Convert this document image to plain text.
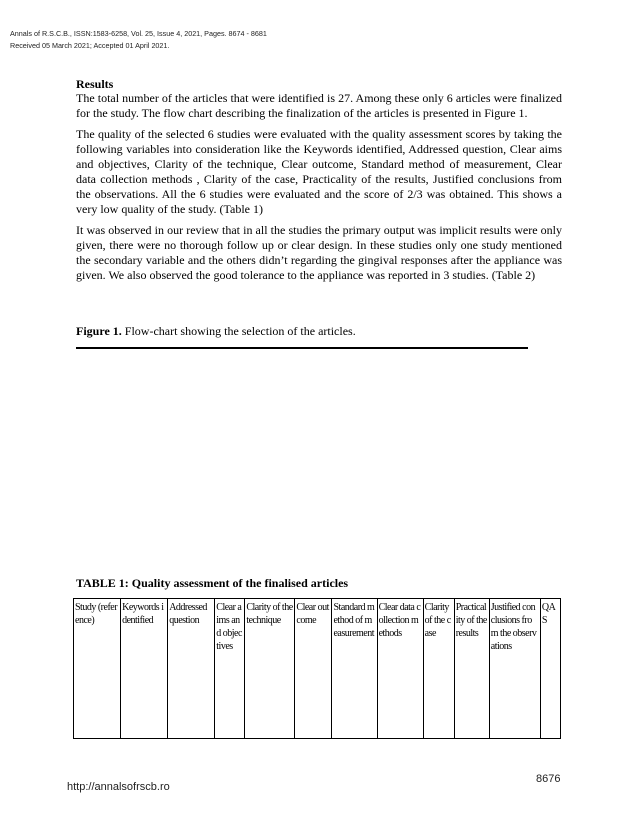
Annals of R.S.C.B., ISSN:1583-6258, Vol. 25, Issue 4, 2021, Pages. 8674 - 8681
Received 05 March 2021; Accepted 01 April 2021.
Results

The total number of the articles that were identified is 27. Among these only 6 articles were finalized for the study. The flow chart describing the finalization of the articles is presented in Figure 1.

The quality of the selected 6 studies were evaluated with the quality assessment scores by taking the following variables into consideration like the Keywords identified, Addressed question, Clear aims and objectives, Clarity of the technique, Clear outcome, Standard method of measurement, Clear data collection methods , Clarity of the case, Practicality of the results, Justified conclusions from the observations. All the 6 studies were evaluated and the score of 2/3 was obtained. This shows a very low quality of the study. (Table 1)

It was observed in our review that in all the studies the primary output was implicit results were only given, there were no thorough follow up or clear design. In these studies only one study mentioned the secondary variable and the others didn’t regarding the gingival responses after the appliance was given. We also observed the good tolerance to the appliance was reported in 3 studies. (Table 2)

Figure 1. Flow-chart showing the selection of the articles.
TABLE 1: Quality assessment of the finalised articles
Study (reference)	Keywords identified	Addressed question	Clear aims and objectives	Clarity of the technique	Clear outcome	Standard method of measurement	Clear data collection methods	Clarity of the case	Practicality of the results	Justified conclusions from the observations	QAS
http://annalsofrscb.ro
8676
